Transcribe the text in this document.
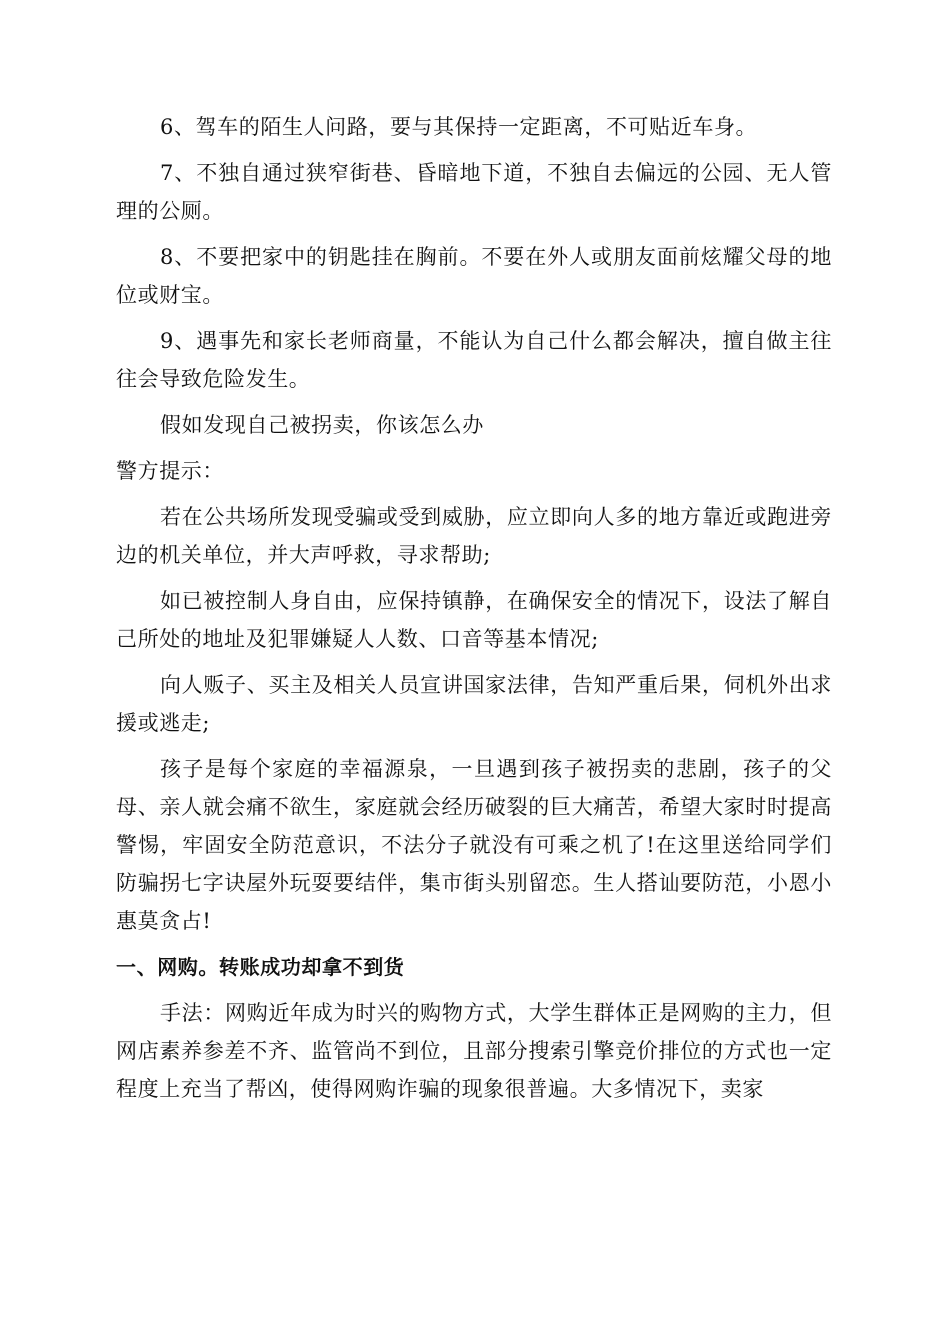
6、驾车的陌生人问路，要与其保持一定距离，不可贴近车身。

7、不独自通过狭窄街巷、昏暗地下道，不独自去偏远的公园、无人管理的公厕。

8、不要把家中的钥匙挂在胸前。不要在外人或朋友面前炫耀父母的地位或财宝。

9、遇事先和家长老师商量，不能认为自己什么都会解决，擅自做主往往会导致危险发生。

假如发现自己被拐卖，你该怎么办

警方提示：

若在公共场所发现受骗或受到威胁，应立即向人多的地方靠近或跑进旁边的机关单位，并大声呼救，寻求帮助;

如已被控制人身自由，应保持镇静，在确保安全的情况下，设法了解自己所处的地址及犯罪嫌疑人人数、口音等基本情况;

向人贩子、买主及相关人员宣讲国家法律，告知严重后果，伺机外出求援或逃走;

孩子是每个家庭的幸福源泉，一旦遇到孩子被拐卖的悲剧，孩子的父母、亲人就会痛不欲生，家庭就会经历破裂的巨大痛苦，希望大家时时提高警惕，牢固安全防范意识，不法分子就没有可乘之机了!在这里送给同学们防骗拐七字诀屋外玩耍要结伴，集市街头别留恋。生人搭讪要防范，小恩小惠莫贪占!

一、网购。转账成功却拿不到货

手法：网购近年成为时兴的购物方式，大学生群体正是网购的主力，但网店素养参差不齐、监管尚不到位，且部分搜索引擎竞价排位的方式也一定程度上充当了帮凶，使得网购诈骗的现象很普遍。大多情况下，卖家
